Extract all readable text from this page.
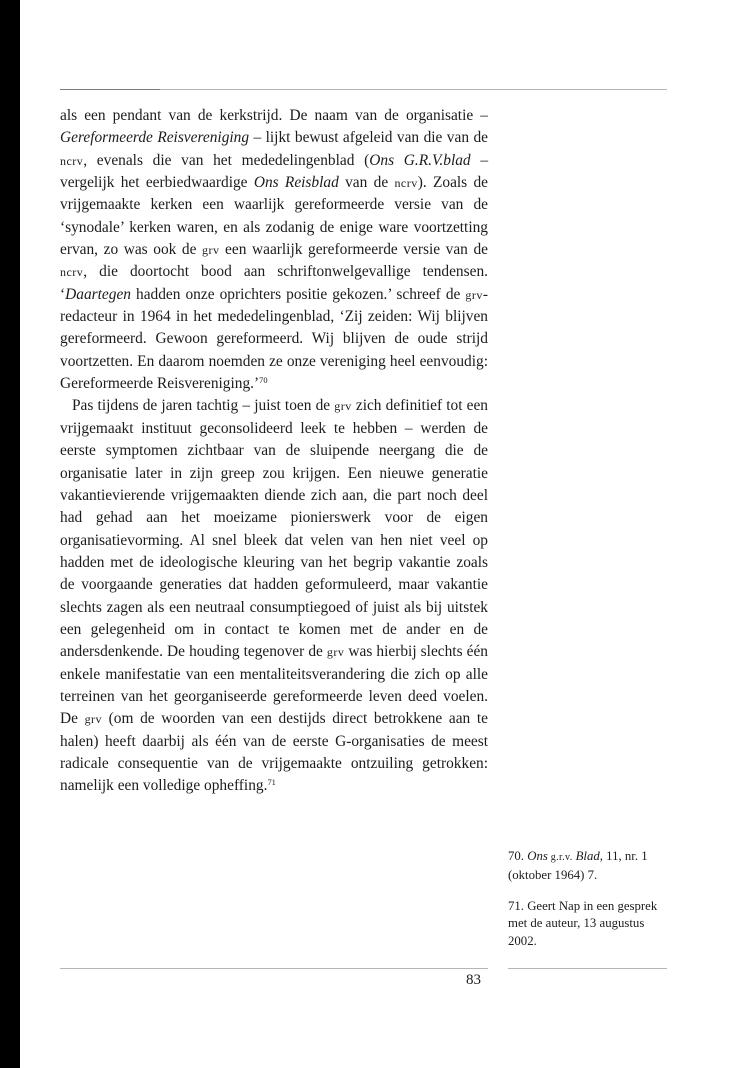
als een pendant van de kerkstrijd. De naam van de organisatie – Gereformeerde Reisvereniging – lijkt bewust afgeleid van die van de ncrv, evenals die van het mededelingenblad (Ons G.R.V.blad – vergelijk het eerbiedwaardige Ons Reisblad van de ncrv). Zoals de vrijgemaakte kerken een waarlijk gereformeerde versie van de ‘synodale’ kerken waren, en als zodanig de enige ware voortzetting ervan, zo was ook de grv een waarlijk gereformeerde versie van de ncrv, die doortocht bood aan schriftonwelgevallige tendensen. ‘Daartegen hadden onze oprichters positie gekozen.’ schreef de grv-redacteur in 1964 in het mededelingenblad, ‘Zij zeiden: Wij blijven gereformeerd. Gewoon gereformeerd. Wij blijven de oude strijd voortzetten. En daarom noemden ze onze vereniging heel eenvoudig: Gereformeerde Reisvereniging.’$^{70}$

Pas tijdens de jaren tachtig – juist toen de grv zich definitief tot een vrijgemaakt instituut geconsolideerd leek te hebben – werden de eerste symptomen zichtbaar van de sluipende neergang die de organisatie later in zijn greep zou krijgen. Een nieuwe generatie vakantievierende vrijgemaakten diende zich aan, die part noch deel had gehad aan het moeizame pionierswerk voor de eigen organisatievorming. Al snel bleek dat velen van hen niet veel op hadden met de ideologische kleuring van het begrip vakantie zoals de voorgaande generaties dat hadden geformuleerd, maar vakantie slechts zagen als een neutraal consumptiegoed of juist als bij uitstek een gelegenheid om in contact te komen met de ander en de andersdenkende. De houding tegenover de grv was hierbij slechts één enkele manifestatie van een mentaliteitsverandering die zich op alle terreinen van het georganiseerde gereformeerde leven deed voelen. De grv (om de woorden van een destijds direct betrokkene aan te halen) heeft daarbij als één van de eerste G-organisaties de meest radicale consequentie van de vrijgemaakte ontzuiling getrokken: namelijk een volledige opheffing.$^{71}$

70. Ons g.r.v. Blad, 11, nr. 1 (oktober 1964) 7.

71. Geert Nap in een gesprek met de auteur, 13 augustus 2002.

83
